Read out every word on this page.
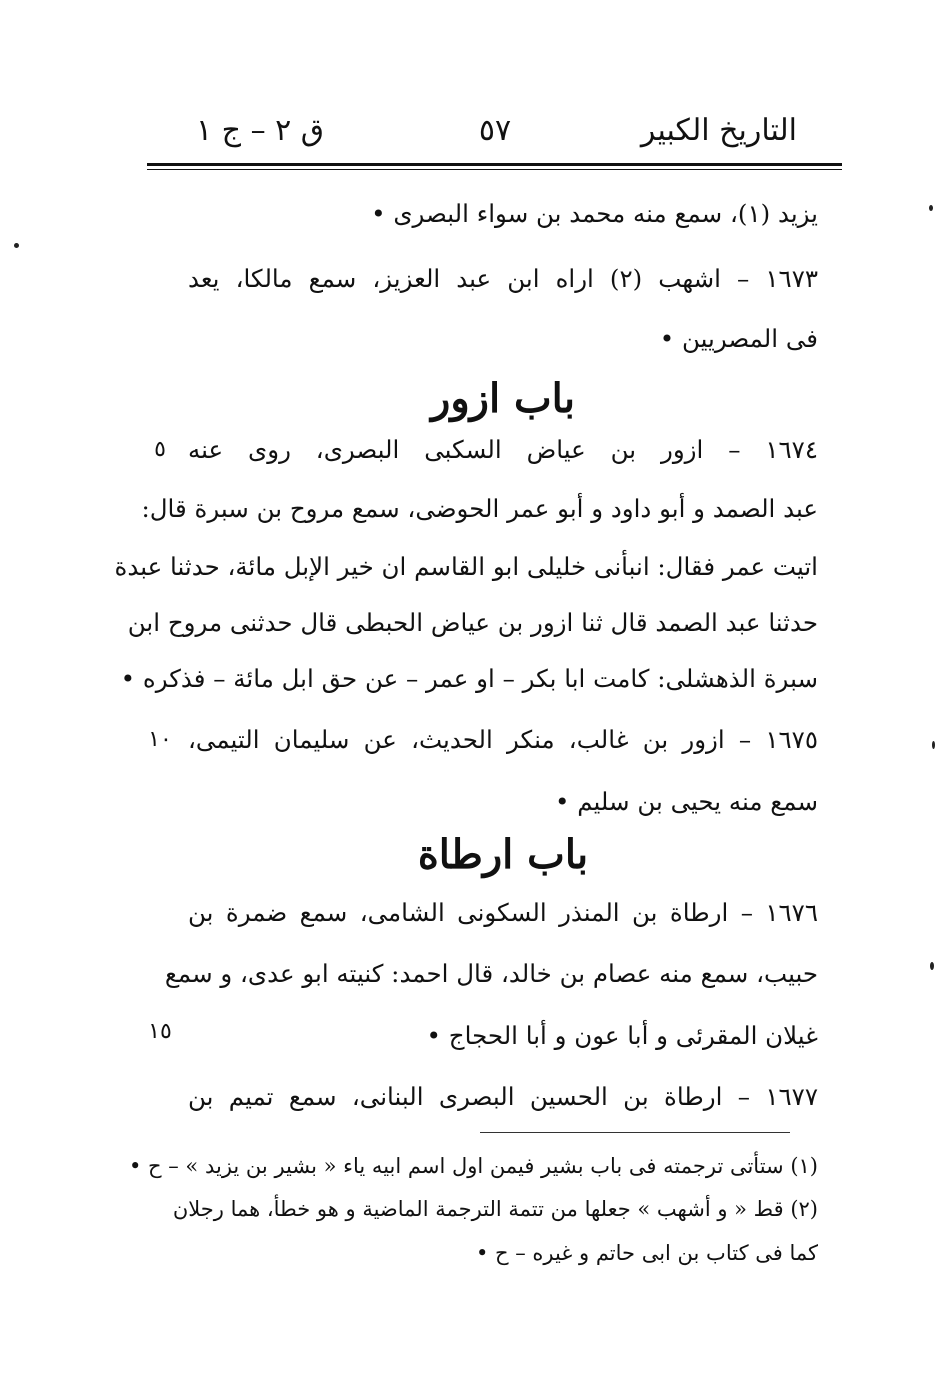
التاريخ الكبير
٥٧
ق ٢ – ج ١
يزيد (١)، سمع منه محمد بن سواء البصرى •
١٦٧٣ – اشهب (٢) اراه ابن عبد العزيز، سمع مالكا، يعد
فى المصريين •
باب ازور
١٦٧٤ – ازور بن عياض السكبى البصرى، روى عنه
٥
عبد الصمد و أبو داود و أبو عمر الحوضى، سمع مروح بن سبرة قال:
اتيت عمر فقال: انبأنى خليلى ابو القاسم ان خير الإبل مائة، حدثنا عبدة
حدثنا عبد الصمد قال ثنا ازور بن عياض الحبطى قال حدثنى مروح ابن
سبرة الذهشلى: كامت ابا بكر – او عمر – عن حق ابل مائة – فذكره •
١٦٧٥ – ازور بن غالب، منكر الحديث، عن سليمان التيمى،
١٠
سمع منه يحيى بن سليم •
باب ارطاة
١٦٧٦ – ارطاة بن المنذر السكونى الشامى، سمع ضمرة بن
حبيب، سمع منه عصام بن خالد، قال احمد: كنيته ابو عدى، و سمع
غيلان المقرئى و أبا عون و أبا الحجاج •
١٥
١٦٧٧ – ارطاة بن الحسين البصرى البنانى، سمع تميم بن
(١) ستأتى ترجمته فى باب بشير فيمن اول اسم ابيه ياء « بشير بن يزيد » – ح •
(٢) قط « و أشهب » جعلها من تتمة الترجمة الماضية و هو خطأ، هما رجلان
كما فى كتاب بن ابى حاتم و غيره – ح •
